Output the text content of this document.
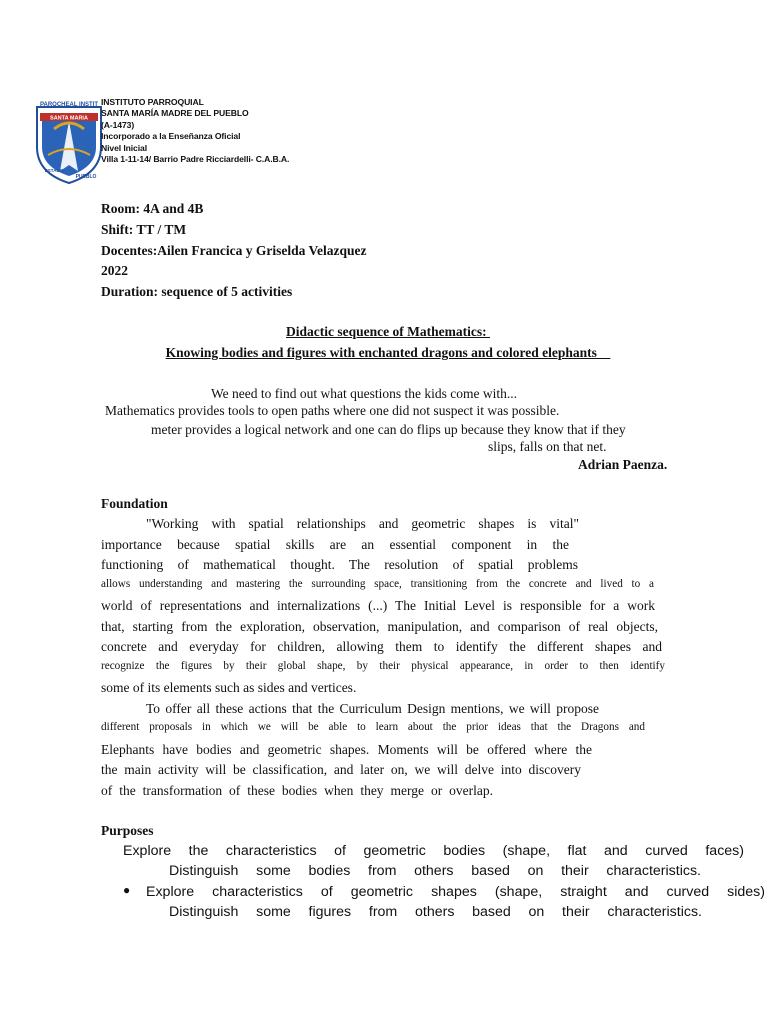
PAROCHEAL INSTIT
SANTA MARIA
ESTADO
PUEBLO
INSTITUTO PARROQUIAL
SANTA MARÍA MADRE DEL PUEBLO
(A-1473)
Incorporado a la Enseñanza Oficial
Nivel Inicial
Villa 1-11-14/ Barrio Padre Ricciardelli- C.A.B.A.
Room: 4A and 4B
Shift: TT / TM
Docentes:Ailen Francica y Griselda Velazquez
2022
Duration: sequence of 5 activities
Didactic sequence of Mathematics:
Knowing bodies and figures with enchanted dragons and colored elephants
We need to find out what questions the kids come with...
Mathematics provides tools to open paths where one did not suspect it was possible.
meter provides a logical network and one can do flips up because they know that if they
slips, falls on that net.
Adrian Paenza.
Foundation
"Working with spatial relationships and geometric shapes is vital"
importance because spatial skills are an essential component in the
functioning of mathematical thought. The resolution of spatial problems
allows understanding and mastering the surrounding space, transitioning from the concrete and lived to a
world of representations and internalizations (...) The Initial Level is responsible for a work
that, starting from the exploration, observation, manipulation, and comparison of real objects,
concrete and everyday for children, allowing them to identify the different shapes and
recognize the figures by their global shape, by their physical appearance, in order to then identify
some of its elements such as sides and vertices.
To offer all these actions that the Curriculum Design mentions, we will propose
different proposals in which we will be able to learn about the prior ideas that the Dragons and
Elephants have bodies and geometric shapes. Moments will be offered where the
the main activity will be classification, and later on, we will delve into discovery
of the transformation of these bodies when they merge or overlap.
Purposes
Explore the characteristics of geometric bodies (shape, flat and curved faces)
Distinguish some bodies from others based on their characteristics.
● Explore characteristics of geometric shapes (shape, straight and curved sides)
Distinguish some figures from others based on their characteristics.
